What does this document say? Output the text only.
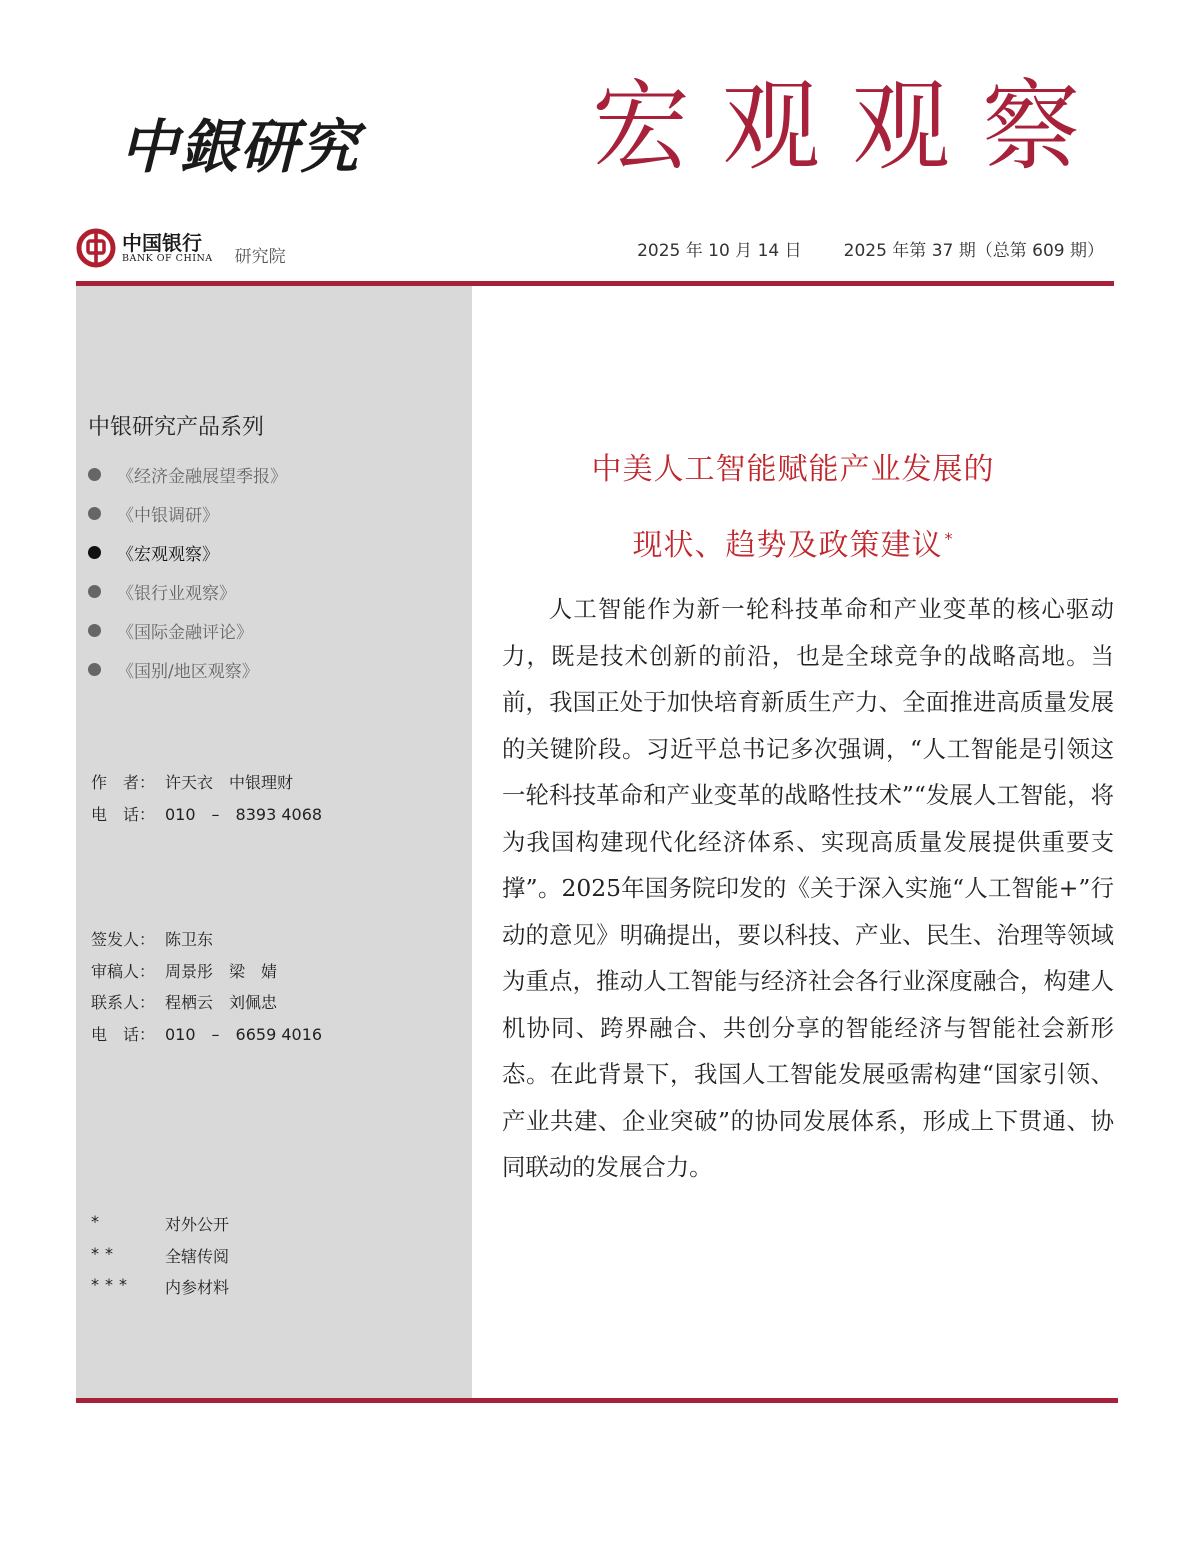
中銀研究 宏观观察
中国银行
BANK OF CHINA 研究院	2025 年 10 月 14 日 2025 年第 37 期（总第 609 期）
中银研究产品系列
《经济金融展望季报》
《中银调研》
《宏观观察》
《银行业观察》
《国际金融评论》
《国别/地区观察》
作　者： 许天衣　中银理财
电　话： 010　–　8393 4068
签发人： 陈卫东
审稿人： 周景彤　梁　婧
联系人： 程栖云　刘佩忠
电　话： 010　–　6659 4016
*	对外公开
**	全辖传阅
***	内参材料
中美人工智能赋能产业发展的
现状、趋势及政策建议 *

人工智能作为新一轮科技革命和产业变革的核心驱动力，既是技术创新的前沿，也是全球竞争的战略高地。当前，我国正处于加快培育新质生产力、全面推进高质量发展的关键阶段。习近平总书记多次强调，“人工智能是引领这一轮科技革命和产业变革的战略性技术”“发展人工智能，将为我国构建现代化经济体系、实现高质量发展提供重要支撑”。2025年国务院印发的《关于深入实施“人工智能+”行动的意见》明确提出，要以科技、产业、民生、治理等领域为重点，推动人工智能与经济社会各行业深度融合，构建人机协同、跨界融合、共创分享的智能经济与智能社会新形态。在此背景下，我国人工智能发展亟需构建“国家引领、产业共建、企业突破”的协同发展体系，形成上下贯通、协同联动的发展合力。
